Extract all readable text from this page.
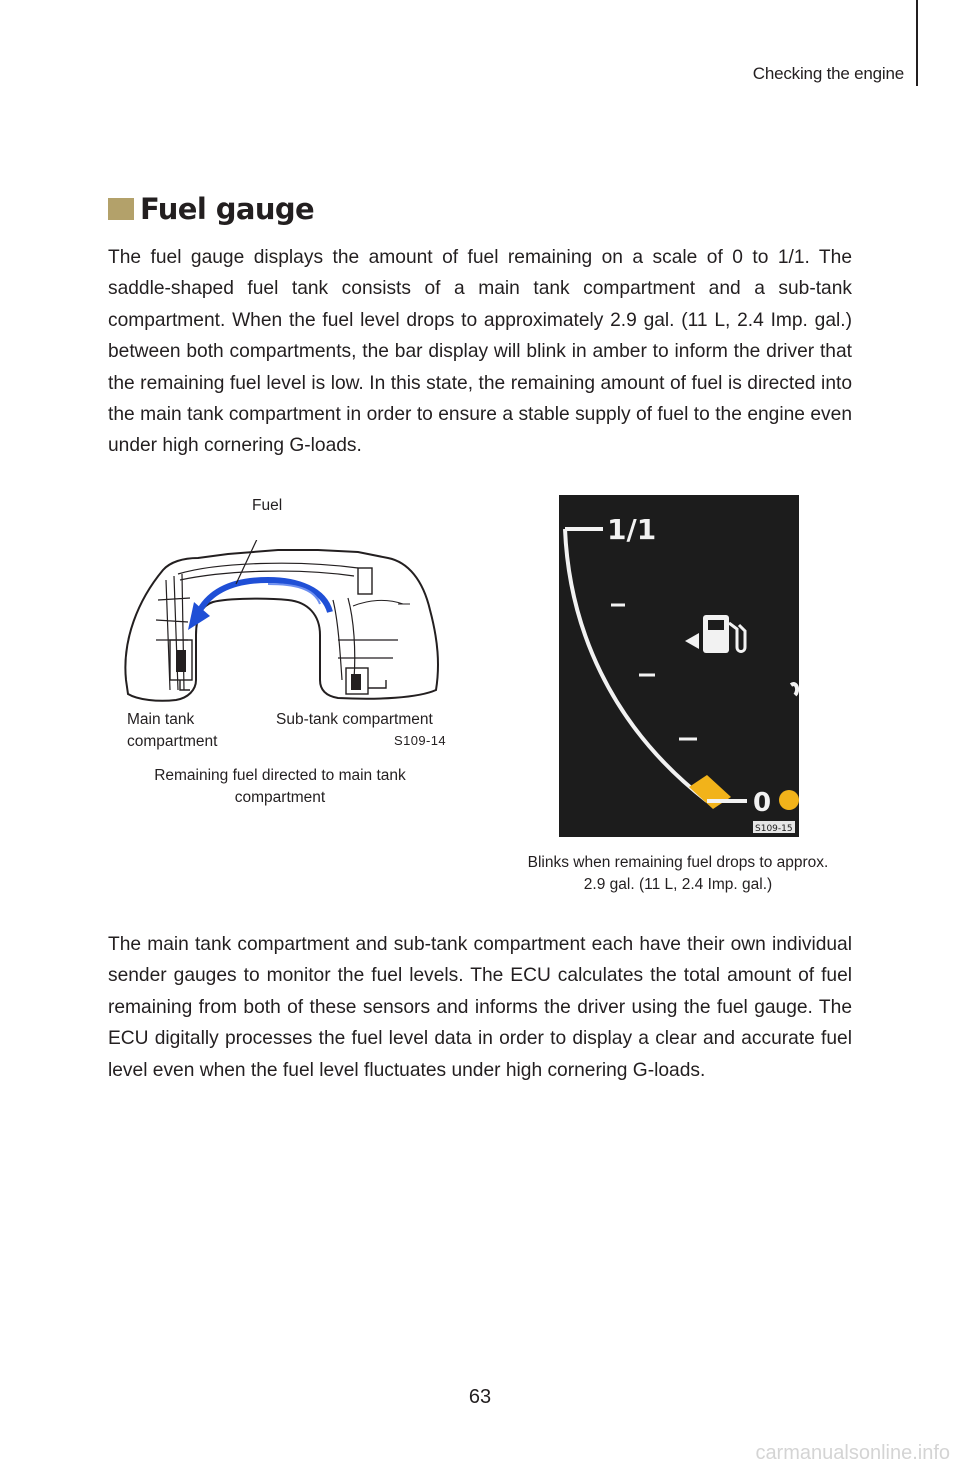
Checking the engine
Fuel gauge

The fuel gauge displays the amount of fuel remaining on a scale of 0 to 1/1. The saddle-shaped fuel tank consists of a main tank compartment and a sub-tank compartment. When the fuel level drops to approximately 2.9 gal. (11 L, 2.4 Imp. gal.) between both compartments, the bar display will blink in amber to inform the driver that the remaining fuel level is low. In this state, the remaining amount of fuel is directed into the main tank compartment in order to ensure a stable supply of fuel to the engine even under high cornering G-loads.

Fuel
Main tank
compartment
Sub-tank compartment
S109-14
Remaining fuel directed to main tank
compartment
1/1
0
S109-15
Blinks when remaining fuel drops to approx.
2.9 gal. (11 L, 2.4 Imp. gal.)

The main tank compartment and sub-tank compartment each have their own individual sender gauges to monitor the fuel levels. The ECU calculates the total amount of fuel remaining from both of these sensors and informs the driver using the fuel gauge. The ECU digitally processes the fuel level data in order to display a clear and accurate fuel level even when the fuel level fluctuates under high cornering G-loads.

63
carmanualsonline.info
